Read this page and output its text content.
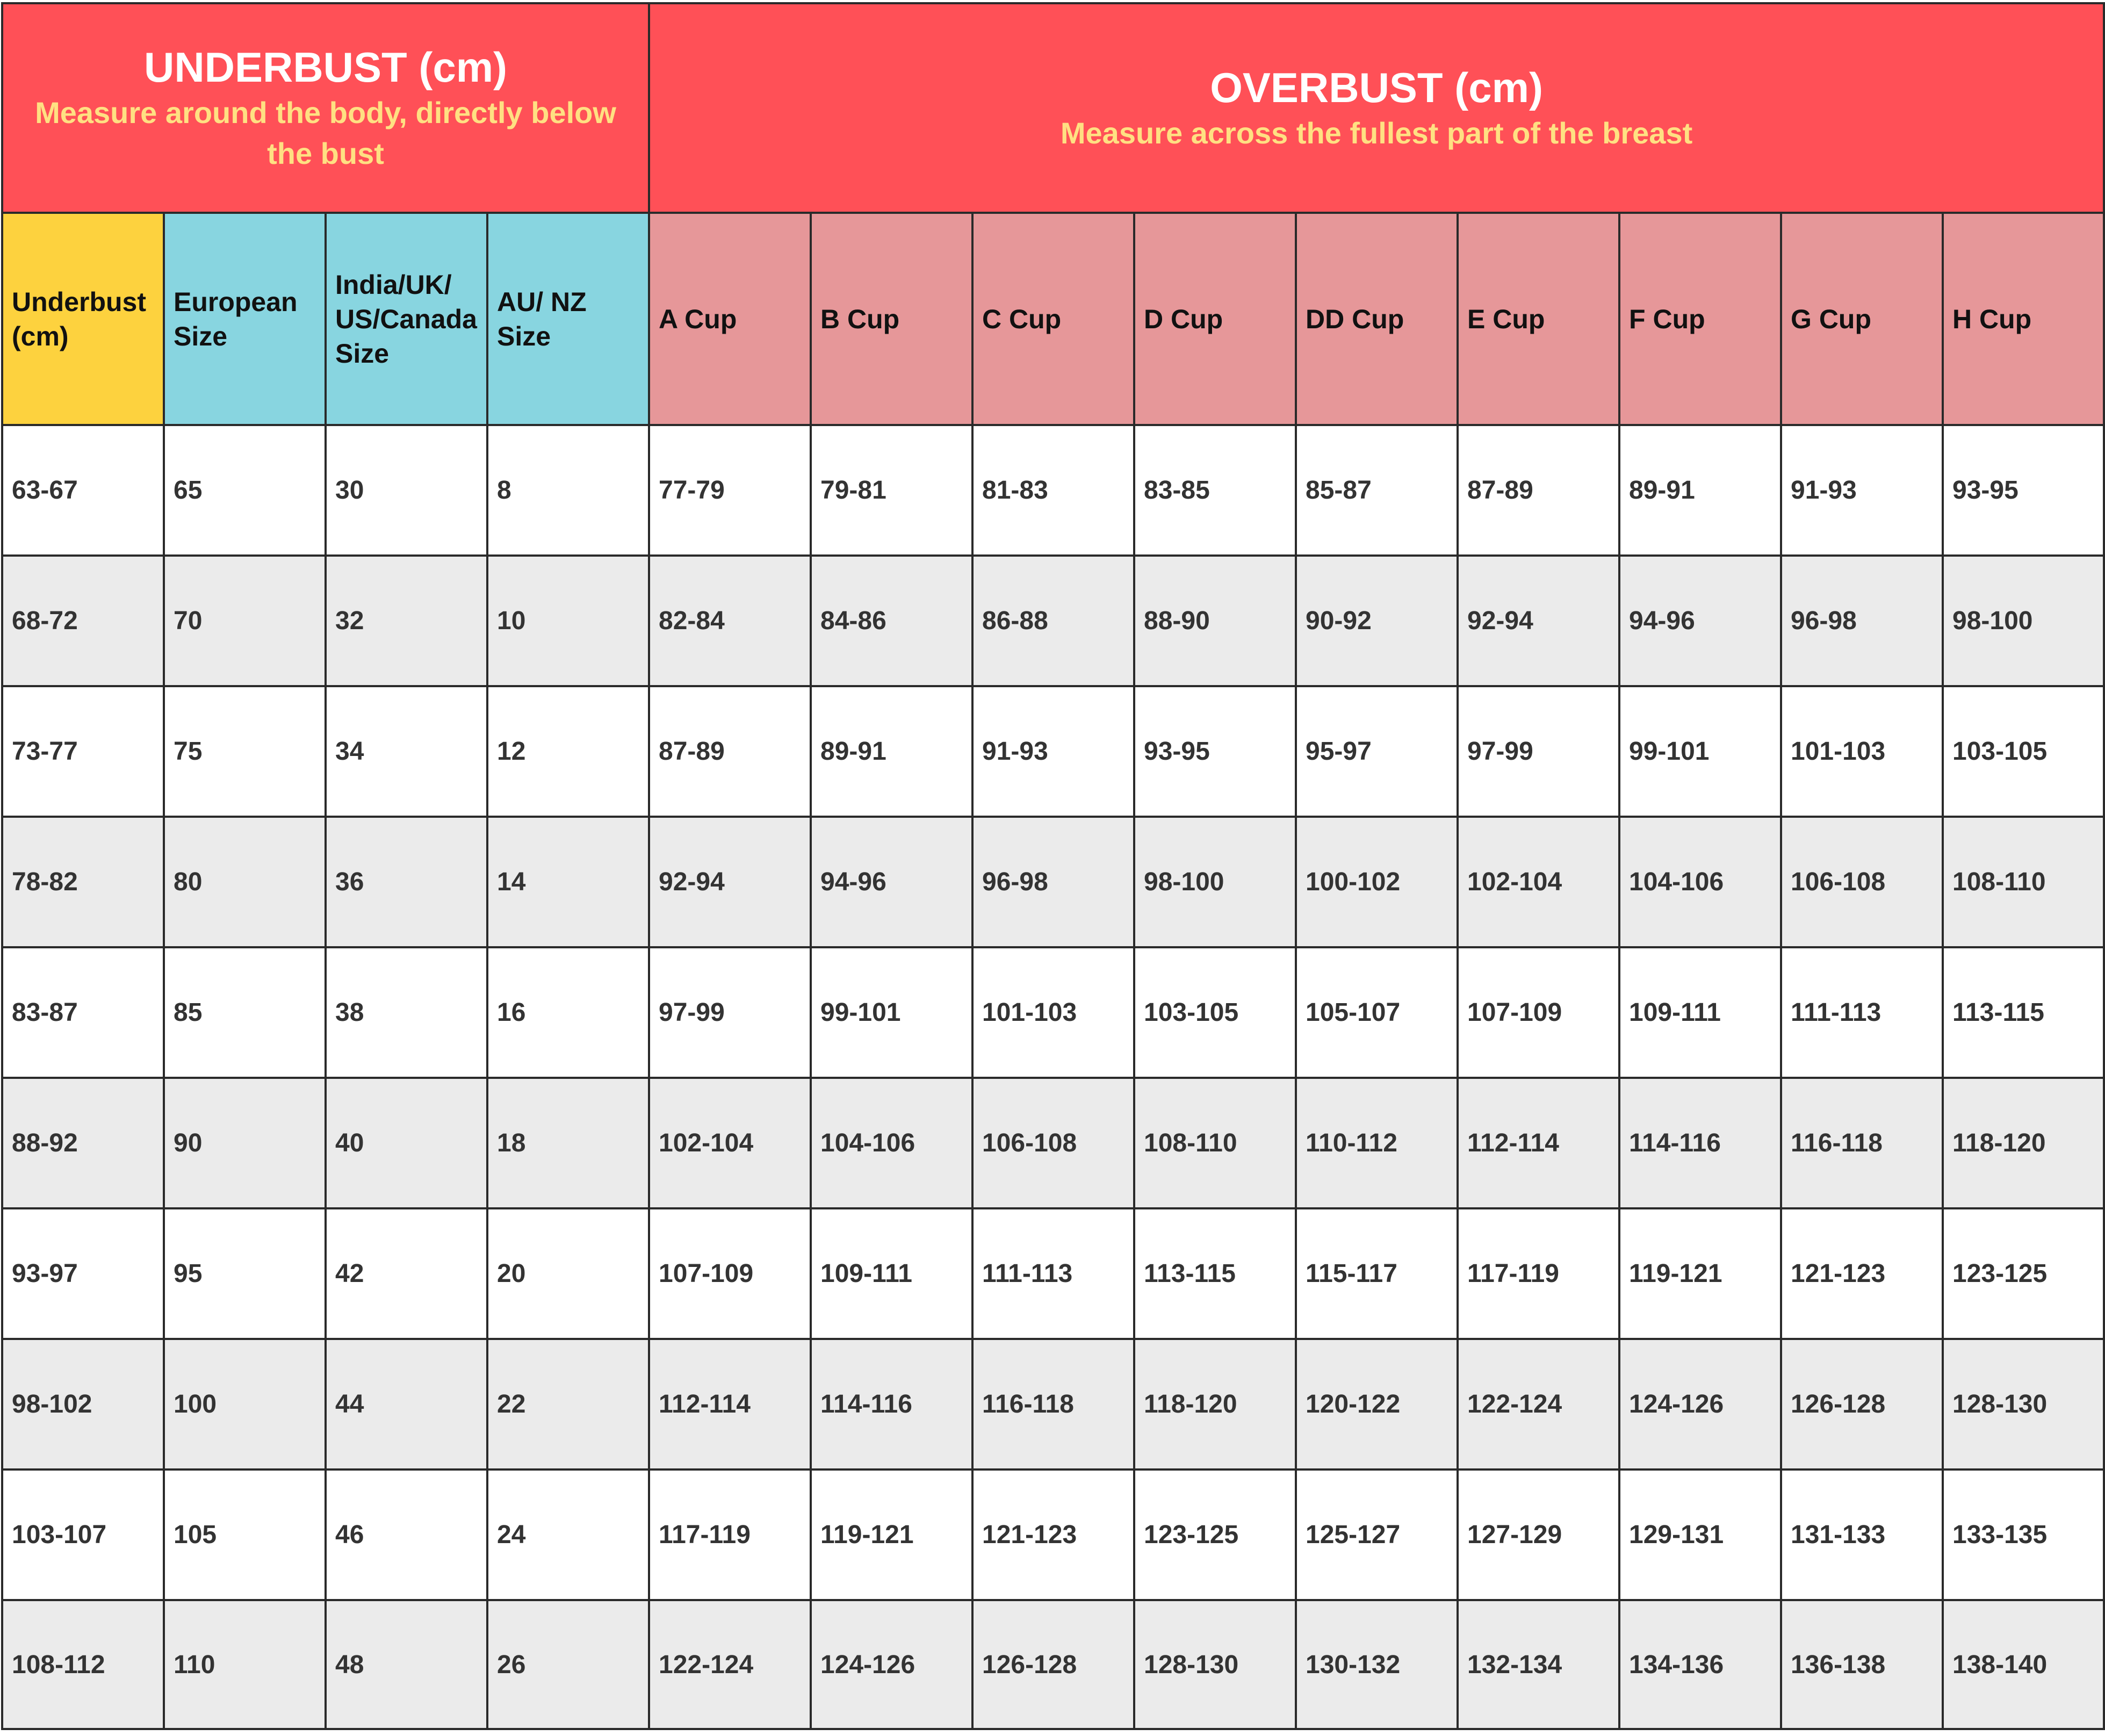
UNDERBUST (cm)
Measure around the body, directly below the bust				OVERBUST (cm)
Measure across the fullest part of the breast								

Underbust (cm)	European Size	India/UK/ US/Canada Size	AU/ NZ Size	A Cup	B Cup	C Cup	D Cup	DD Cup	E Cup	F Cup	G Cup	H Cup
63-67	65	30	8	77-79	79-81	81-83	83-85	85-87	87-89	89-91	91-93	93-95
68-72	70	32	10	82-84	84-86	86-88	88-90	90-92	92-94	94-96	96-98	98-100
73-77	75	34	12	87-89	89-91	91-93	93-95	95-97	97-99	99-101	101-103	103-105
78-82	80	36	14	92-94	94-96	96-98	98-100	100-102	102-104	104-106	106-108	108-110
83-87	85	38	16	97-99	99-101	101-103	103-105	105-107	107-109	109-111	111-113	113-115
88-92	90	40	18	102-104	104-106	106-108	108-110	110-112	112-114	114-116	116-118	118-120
93-97	95	42	20	107-109	109-111	111-113	113-115	115-117	117-119	119-121	121-123	123-125
98-102	100	44	22	112-114	114-116	116-118	118-120	120-122	122-124	124-126	126-128	128-130
103-107	105	46	24	117-119	119-121	121-123	123-125	125-127	127-129	129-131	131-133	133-135
108-112	110	48	26	122-124	124-126	126-128	128-130	130-132	132-134	134-136	136-138	138-140
